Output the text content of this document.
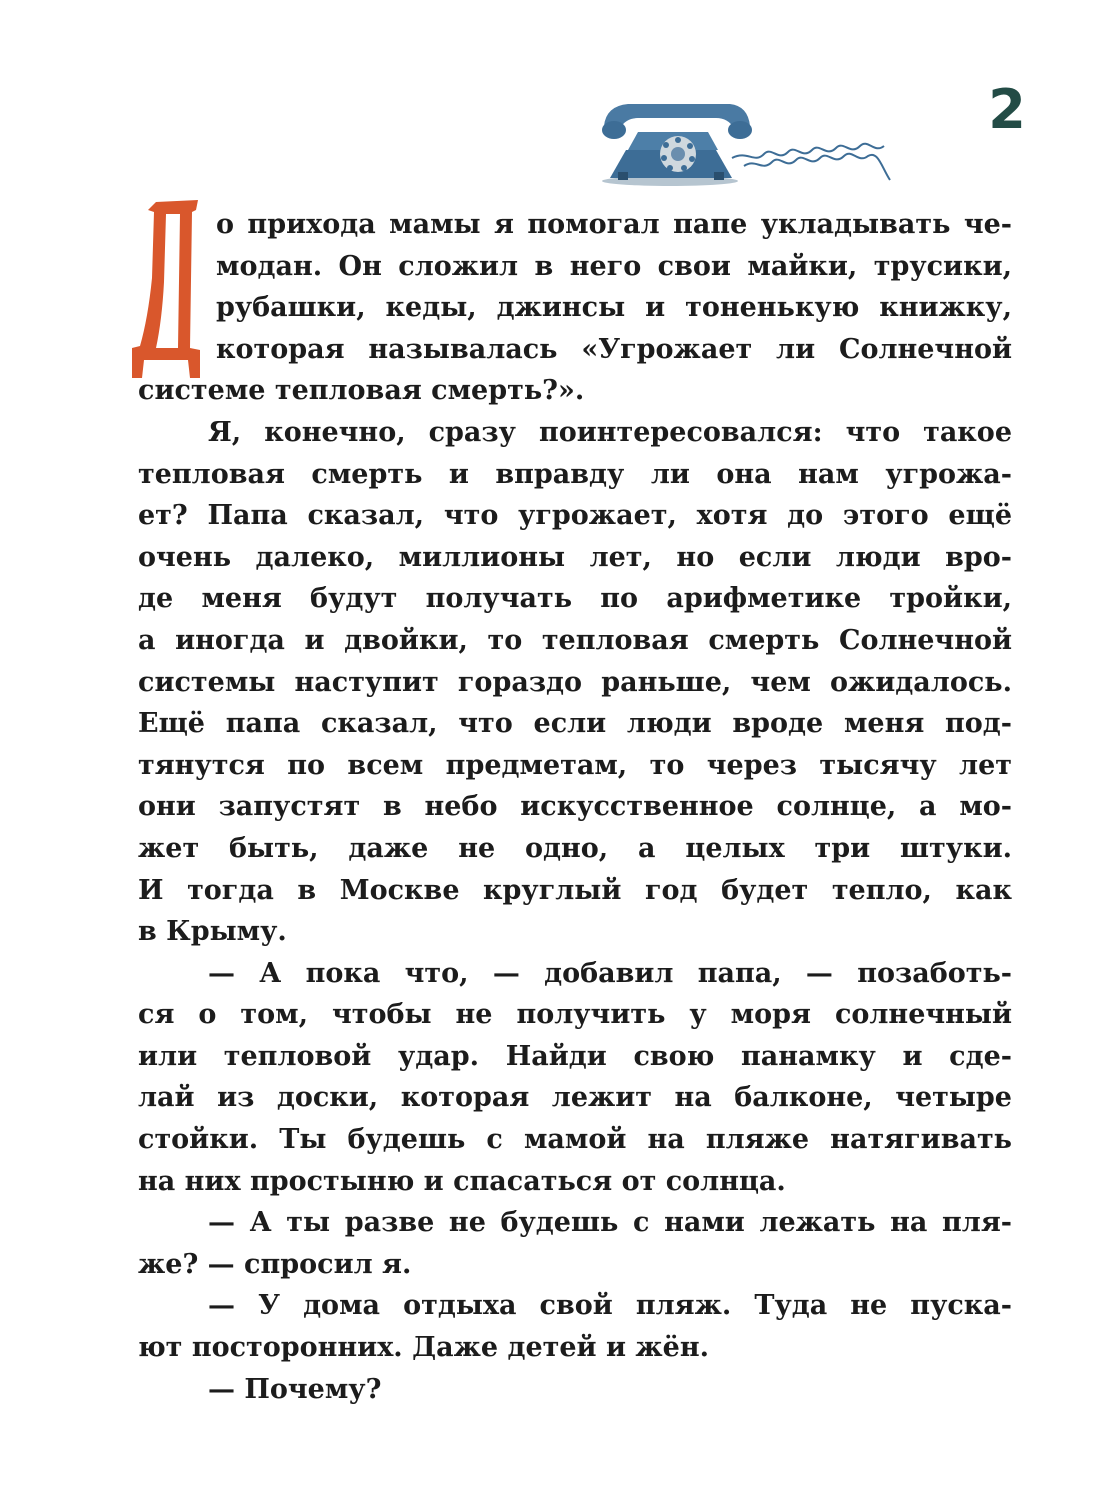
2
о прихода мамы я помогал папе укладывать че-
модан. Он сложил в него свои майки, трусики,
рубашки, кеды, джинсы и тоненькую книжку,
которая называлась «Угрожает ли Солнечной
системе тепловая смерть?».
Я, конечно, сразу поинтересовался: что такое
тепловая смерть и вправду ли она нам угрожа-
ет? Папа сказал, что угрожает, хотя до этого ещё
очень далеко, миллионы лет, но если люди вро-
де меня будут получать по арифметике тройки,
а иногда и двойки, то тепловая смерть Солнечной
системы наступит гораздо раньше, чем ожидалось.
Ещё папа сказал, что если люди вроде меня под-
тянутся по всем предметам, то через тысячу лет
они запустят в небо искусственное солнце, а мо-
жет быть, даже не одно, а целых три штуки.
И тогда в Москве круглый год будет тепло, как
в Крыму.
— А пока что, — добавил папа, — позаботь-
ся о том, чтобы не получить у моря солнечный
или тепловой удар. Найди свою панамку и сде-
лай из доски, которая лежит на балконе, четыре
стойки. Ты будешь с мамой на пляже натягивать
на них простыню и спасаться от солнца.
— А ты разве не будешь с нами лежать на пля-
же? — спросил я.
— У дома отдыха свой пляж. Туда не пуска-
ют посторонних. Даже детей и жён.
— Почему?
